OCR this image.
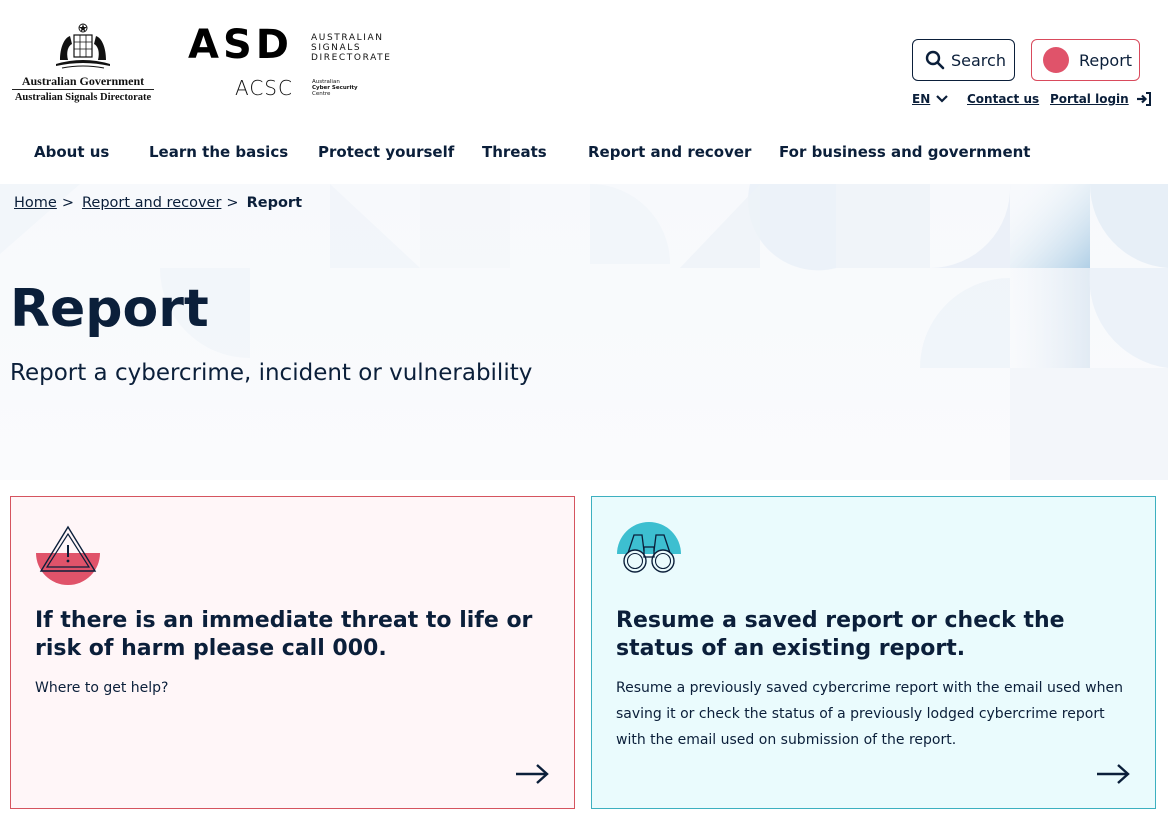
Australian Government
Australian Signals Directorate
ASD AUSTRALIAN
SIGNALS
DIRECTORATE
ACSC	Australian
Cyber Security
Centre
Search	Report
EN	Contact us Portal login
About us	Learn the basics Protect yourself Threats	Report and recover For business and government
Home > Report and recover > Report
Report
Report a cybercrime, incident or vulnerability
If there is an immediate threat to life or risk of harm please call 000.
Where to get help?
Resume a saved report or check the status of an existing report.
Resume a previously saved cybercrime report with the email used when saving it or check the status of a previously lodged cybercrime report with the email used on submission of the report.
